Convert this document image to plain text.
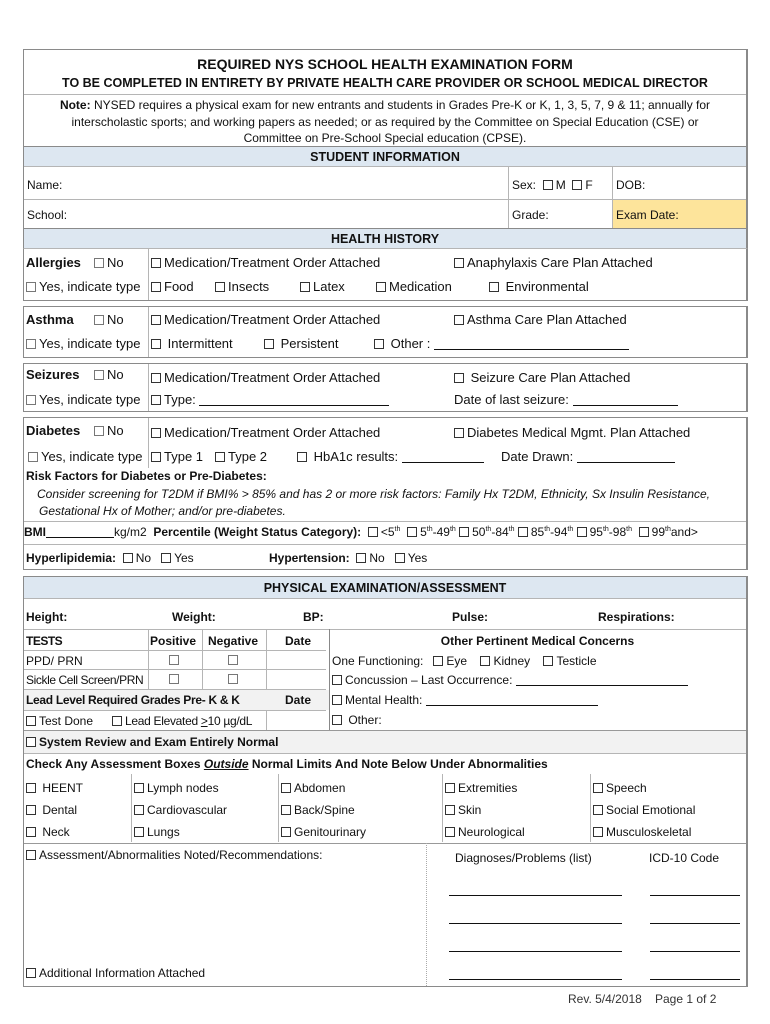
REQUIRED NYS SCHOOL HEALTH EXAMINATION FORM
TO BE COMPLETED IN ENTIRETY BY PRIVATE HEALTH CARE PROVIDER OR SCHOOL MEDICAL DIRECTOR
Note: NYSED requires a physical exam for new entrants and students in Grades Pre-K or K, 1, 3, 5, 7, 9 & 11; annually for
interscholastic sports; and working papers as needed; or as required by the Committee on Special Education (CSE) or
Committee on Pre-School Special education (CPSE).
STUDENT INFORMATION
Name:	Sex: M F DOB:
School:	Grade:	Exam Date:
HEALTH HISTORY
Allergies	No	Medication/Treatment Order Attached	Anaphylaxis Care Plan Attached
Yes, indicate type	Food	Insects	Latex	Medication	Environmental
Asthma	No	Medication/Treatment Order Attached	Asthma Care Plan Attached
Yes, indicate type	Intermittent	Persistent	Other :
Seizures	No	Medication/Treatment Order Attached	Seizure Care Plan Attached
Yes, indicate type	Type:	Date of last seizure:
Diabetes	No	Medication/Treatment Order Attached	Diabetes Medical Mgmt. Plan Attached
Yes, indicate type	Type 1	Type 2	HbA1c results:	Date Drawn:
Risk Factors for Diabetes or Pre-Diabetes:
Consider screening for T2DM if BMI% > 85% and has 2 or more risk factors: Family Hx T2DM, Ethnicity, Sx Insulin Resistance,
Gestational Hx of Mother; and/or pre-diabetes.
BMI	kg/m2 Percentile (Weight Status Category): <5th 5th-49th 50th-84th 85th-94th 95th-98th 99thand>
Hyperlipidemia: No Yes	Hypertension: No Yes
PHYSICAL EXAMINATION/ASSESSMENT
Height:	Weight:	BP:	Pulse:	Respirations:
TESTS	Positive Negative Date
PPD/ PRN
Sickle Cell Screen/PRN
Lead Level Required Grades Pre- K & K	Date
Test Done	Lead Elevated ≥10 µg/dL
Other Pertinent Medical Concerns
One Functioning: Eye Kidney Testicle
Concussion – Last Occurrence:
Mental Health:
Other:
System Review and Exam Entirely Normal
Check Any Assessment Boxes Outside Normal Limits And Note Below Under Abnormalities
HEENT	Lymph nodes	Abdomen	Extremities	Speech
Dental	Cardiovascular	Back/Spine	Skin	Social Emotional
Neck	Lungs	Genitourinary	Neurological	Musculoskeletal
Assessment/Abnormalities Noted/Recommendations:
Additional Information Attached
Diagnoses/Problems (list)	ICD-10 Code
Rev. 5/4/2018 Page 1 of 2
